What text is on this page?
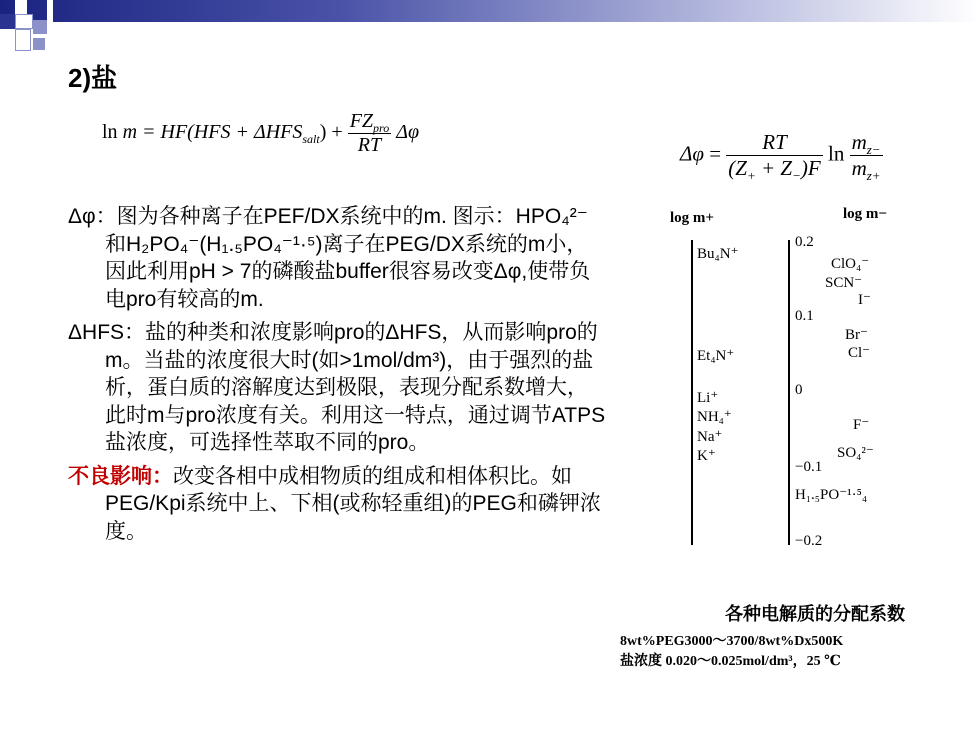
2)盐
$\ln m = HF(HFS + \Delta HFS_{salt}) + \frac{FZ_{pro}}{RT}$ Δφ
$\Delta\varphi = \frac{RT}{(Z_+ + Z_-)F}$ $\ln \frac{m_{z-}}{m_{z+}}$

Δφ：图为各种离子在PEF/DX系统中的m. 图示：HPO₄²⁻和H₂PO₄⁻(H₁.₅PO₄⁻¹·⁵)离子在PEG/DX系统的m小，因此利用pH > 7的磷酸盐buffer很容易改变Δφ,使带负电pro有较高的m.

ΔHFS：盐的种类和浓度影响pro的ΔHFS，从而影响pro的m。当盐的浓度很大时(如>1mol/dm³)，由于强烈的盐析，蛋白质的溶解度达到极限，表现分配系数增大，此时m与pro浓度有关。利用这一特点，通过调节ATPS盐浓度，可选择性萃取不同的pro。

不良影响：改变各相中成相物质的组成和相体积比。如PEG/Kpi系统中上、下相(或称轻重组)的PEG和磷钾浓度。

log m+	log m−
Bu₄N⁺
Et₄N⁺
Li⁺
NH₄⁺
Na⁺
K⁺
0.2
0.1
0
−0.1
−0.2
ClO₄⁻
SCN⁻
I⁻
Br⁻
Cl⁻
F⁻
SO₄²⁻
H₁.₅PO⁻¹·⁵₄
各种电解质的分配系数
8wt%PEG3000～3700/8wt%Dx500K
盐浓度 0.020～0.025mol/dm³，25 ℃
